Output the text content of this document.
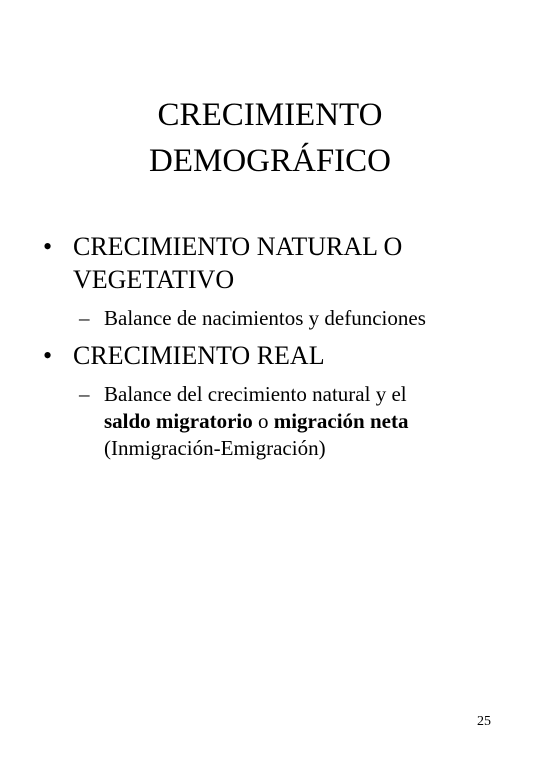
CRECIMIENTO
DEMOGRÁFICO
• CRECIMIENTO NATURAL O
VEGETATIVO
– Balance de nacimientos y defunciones
• CRECIMIENTO REAL
– Balance del crecimiento natural y el
saldo migratorio o migración neta
(Inmigración-Emigración)
25
